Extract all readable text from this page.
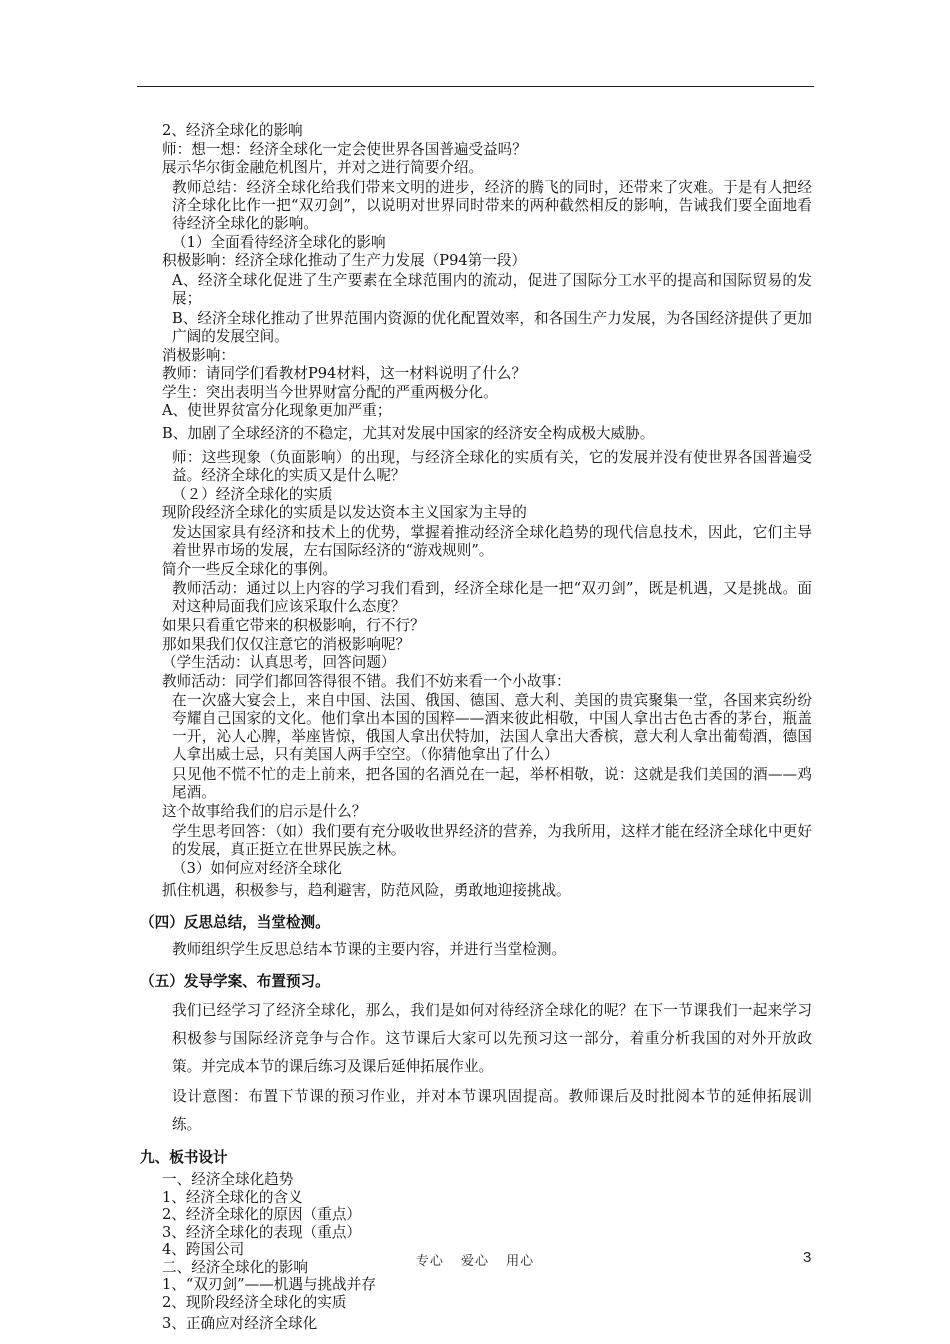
2、经济全球化的影响
师：想一想：经济全球化一定会使世界各国普遍受益吗？
展示华尔街金融危机图片，并对之进行简要介绍。
教师总结：经济全球化给我们带来文明的进步，经济的腾飞的同时，还带来了灾难。于是有人把经济全球化比作一把“双刃剑”，以说明对世界同时带来的两种截然相反的影响，告诫我们要全面地看待经济全球化的影响。
（1）全面看待经济全球化的影响
积极影响：经济全球化推动了生产力发展（P94第一段）
A、经济全球化促进了生产要素在全球范围内的流动，促进了国际分工水平的提高和国际贸易的发展；
B、经济全球化推动了世界范围内资源的优化配置效率，和各国生产力发展，为各国经济提供了更加广阔的发展空间。
消极影响：
教师：请同学们看教材P94材料，这一材料说明了什么？
学生：突出表明当今世界财富分配的严重两极分化。
A、使世界贫富分化现象更加严重；
B、加剧了全球经济的不稳定，尤其对发展中国家的经济安全构成极大威胁。
师：这些现象（负面影响）的出现，与经济全球化的实质有关，它的发展并没有使世界各国普遍受益。经济全球化的实质又是什么呢？
（２）经济全球化的实质
现阶段经济全球化的实质是以发达资本主义国家为主导的
发达国家具有经济和技术上的优势，掌握着推动经济全球化趋势的现代信息技术，因此，它们主导着世界市场的发展，左右国际经济的“游戏规则”。
简介一些反全球化的事例。
教师活动：通过以上内容的学习我们看到，经济全球化是一把“双刃剑”，既是机遇，又是挑战。面对这种局面我们应该采取什么态度？
如果只看重它带来的积极影响，行不行？
那如果我们仅仅注意它的消极影响呢？
（学生活动：认真思考，回答问题）
教师活动：同学们都回答得很不错。我们不妨来看一个小故事：
在一次盛大宴会上，来自中国、法国、俄国、德国、意大利、美国的贵宾聚集一堂，各国来宾纷纷夸耀自己国家的文化。他们拿出本国的国粹——酒来彼此相敬，中国人拿出古色古香的茅台，瓶盖一开，沁人心脾，举座皆惊，俄国人拿出伏特加，法国人拿出大香槟，意大利人拿出葡萄酒，德国人拿出威士忌，只有美国人两手空空。（你猜他拿出了什么）
只见他不慌不忙的走上前来，把各国的名酒兑在一起，举杯相敬，说：这就是我们美国的酒——鸡尾酒。
这个故事给我们的启示是什么？
学生思考回答：（如）我们要有充分吸收世界经济的营养，为我所用，这样才能在经济全球化中更好的发展，真正挺立在世界民族之林。
（3）如何应对经济全球化
抓住机遇，积极参与，趋利避害，防范风险，勇敢地迎接挑战。
（四）反思总结，当堂检测。
教师组织学生反思总结本节课的主要内容，并进行当堂检测。
（五）发导学案、布置预习。
我们已经学习了经济全球化，那么，我们是如何对待经济全球化的呢？在下一节课我们一起来学习积极参与国际经济竞争与合作。这节课后大家可以先预习这一部分，着重分析我国的对外开放政策。并完成本节的课后练习及课后延伸拓展作业。
设计意图：布置下节课的预习作业，并对本节课巩固提高。教师课后及时批阅本节的延伸拓展训练。
九、板书设计
一、经济全球化趋势
1、经济全球化的含义
2、经济全球化的原因（重点）
3、经济全球化的表现（重点）
4、跨国公司
二、经济全球化的影响
1、“双刃剑”——机遇与挑战并存
2、现阶段经济全球化的实质
3、正确应对经济全球化
专心 爱心 用心	3
